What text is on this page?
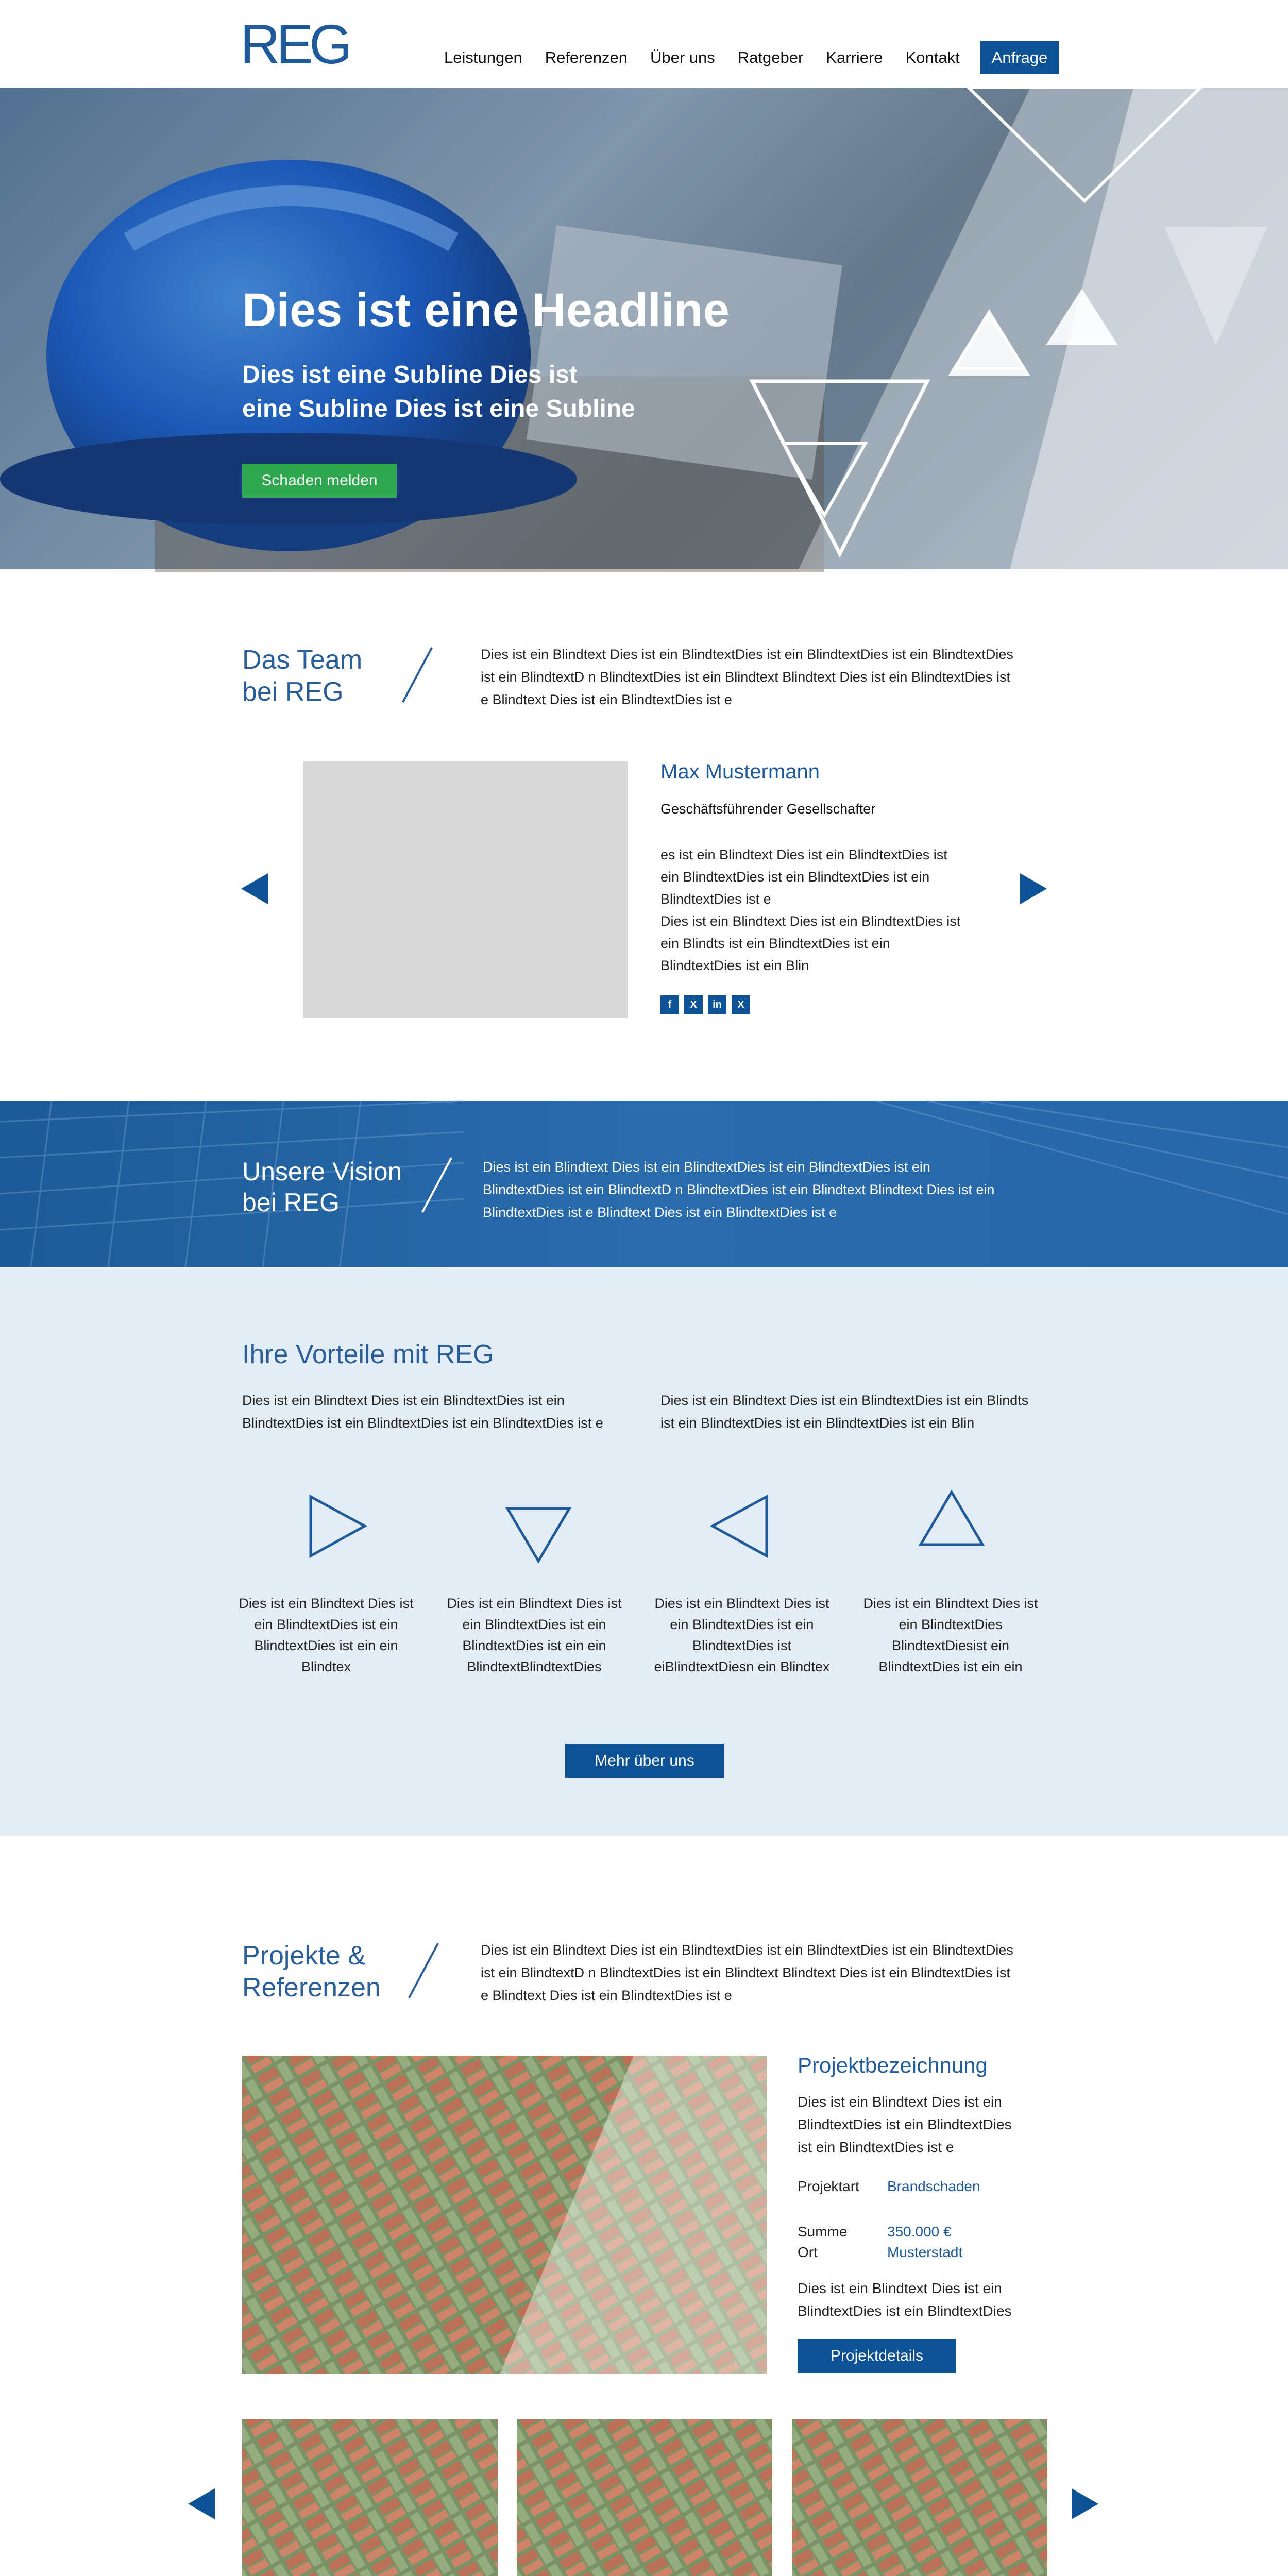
REG	Leistungen Referenzen Über uns Ratgeber Karriere Kontakt	Anfrage
Dies ist eine Headline
Dies ist eine Subline Dies ist
eine Subline Dies ist eine Subline
Schaden melden
Das Team
bei REG
Dies ist ein Blindtext Dies ist ein BlindtextDies ist ein BlindtextDies ist ein BlindtextDies
ist ein BlindtextD n BlindtextDies ist ein Blindtext Blindtext Dies ist ein BlindtextDies ist
e Blindtext Dies ist ein BlindtextDies ist e
Max Mustermann
Geschäftsführender Gesellschafter
es ist ein Blindtext Dies ist ein BlindtextDies ist
ein BlindtextDies ist ein BlindtextDies ist ein
BlindtextDies ist e
Dies ist ein Blindtext Dies ist ein BlindtextDies ist
ein Blindts ist ein BlindtextDies ist ein
BlindtextDies ist ein Blin
f	X	in	X
Unsere Vision
bei REG
Dies ist ein Blindtext Dies ist ein BlindtextDies ist ein BlindtextDies ist ein
BlindtextDies ist ein BlindtextD n BlindtextDies ist ein Blindtext Blindtext Dies ist ein
BlindtextDies ist e Blindtext Dies ist ein BlindtextDies ist e
Ihre Vorteile mit REG
Dies ist ein Blindtext Dies ist ein BlindtextDies ist ein
BlindtextDies ist ein BlindtextDies ist ein BlindtextDies ist e
Dies ist ein Blindtext Dies ist ein BlindtextDies ist ein Blindts
ist ein BlindtextDies ist ein BlindtextDies ist ein Blin
Dies ist ein Blindtext Dies ist
ein BlindtextDies ist ein
BlindtextDies ist ein ein
Blindtex
Dies ist ein Blindtext Dies ist
ein BlindtextDies ist ein
BlindtextDies ist ein ein
BlindtextBlindtextDies
Dies ist ein Blindtext Dies ist
ein BlindtextDies ist ein
BlindtextDies ist
eiBlindtextDiesn ein Blindtex
Dies ist ein Blindtext Dies ist
ein BlindtextDies
BlindtextDiesist ein
BlindtextDies ist ein ein
Mehr über uns
Projekte &
Referenzen
Dies ist ein Blindtext Dies ist ein BlindtextDies ist ein BlindtextDies ist ein BlindtextDies
ist ein BlindtextD n BlindtextDies ist ein Blindtext Blindtext Dies ist ein BlindtextDies ist
e Blindtext Dies ist ein BlindtextDies ist e
Projektbezeichnung
Dies ist ein Blindtext Dies ist ein
BlindtextDies ist ein BlindtextDies
ist ein BlindtextDies ist e
Projektart Brandschaden
Summe	350.000 €
Ort	Musterstadt
Dies ist ein Blindtext Dies ist ein
BlindtextDies ist ein BlindtextDies
Projektdetails
